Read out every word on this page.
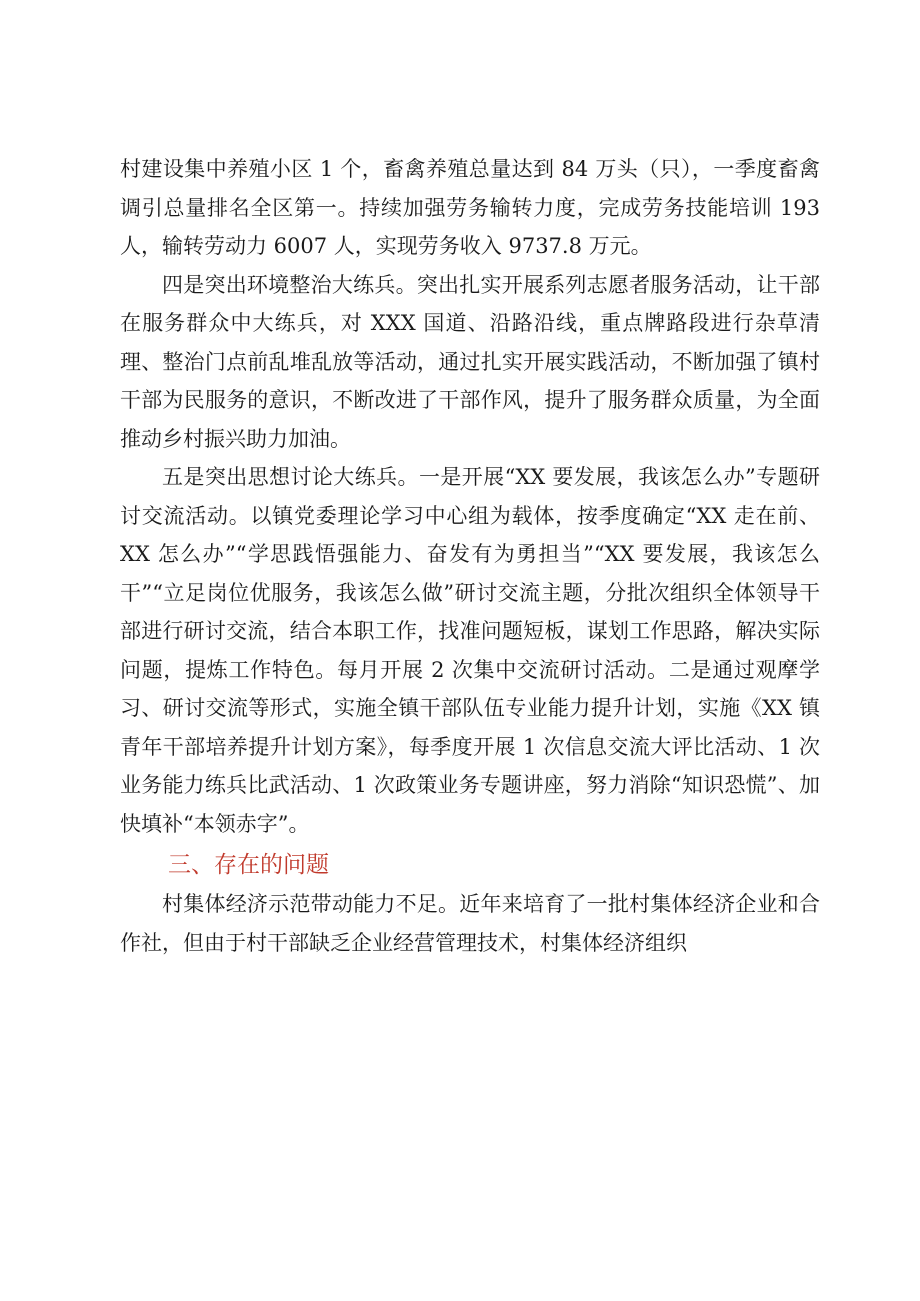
村建设集中养殖小区 1 个，畜禽养殖总量达到 84 万头（只），一季度畜禽调引总量排名全区第一。持续加强劳务输转力度，完成劳务技能培训 193 人，输转劳动力 6007 人，实现劳务收入 9737.8 万元。

四是突出环境整治大练兵。突出扎实开展系列志愿者服务活动，让干部在服务群众中大练兵，对 XXX 国道、沿路沿线，重点牌路段进行杂草清理、整治门点前乱堆乱放等活动，通过扎实开展实践活动，不断加强了镇村干部为民服务的意识，不断改进了干部作风，提升了服务群众质量，为全面推动乡村振兴助力加油。

五是突出思想讨论大练兵。一是开展“XX 要发展，我该怎么办”专题研讨交流活动。以镇党委理论学习中心组为载体，按季度确定“XX 走在前、XX 怎么办”“学思践悟强能力、奋发有为勇担当”“XX 要发展，我该怎么干”“立足岗位优服务，我该怎么做”研讨交流主题，分批次组织全体领导干部进行研讨交流，结合本职工作，找准问题短板，谋划工作思路，解决实际问题，提炼工作特色。每月开展 2 次集中交流研讨活动。二是通过观摩学习、研讨交流等形式，实施全镇干部队伍专业能力提升计划，实施《XX 镇青年干部培养提升计划方案》，每季度开展 1 次信息交流大评比活动、1 次业务能力练兵比武活动、1 次政策业务专题讲座，努力消除“知识恐慌”、加快填补“本领赤字”。

三、存在的问题

村集体经济示范带动能力不足。近年来培育了一批村集体经济企业和合作社，但由于村干部缺乏企业经营管理技术，村集体经济组织
